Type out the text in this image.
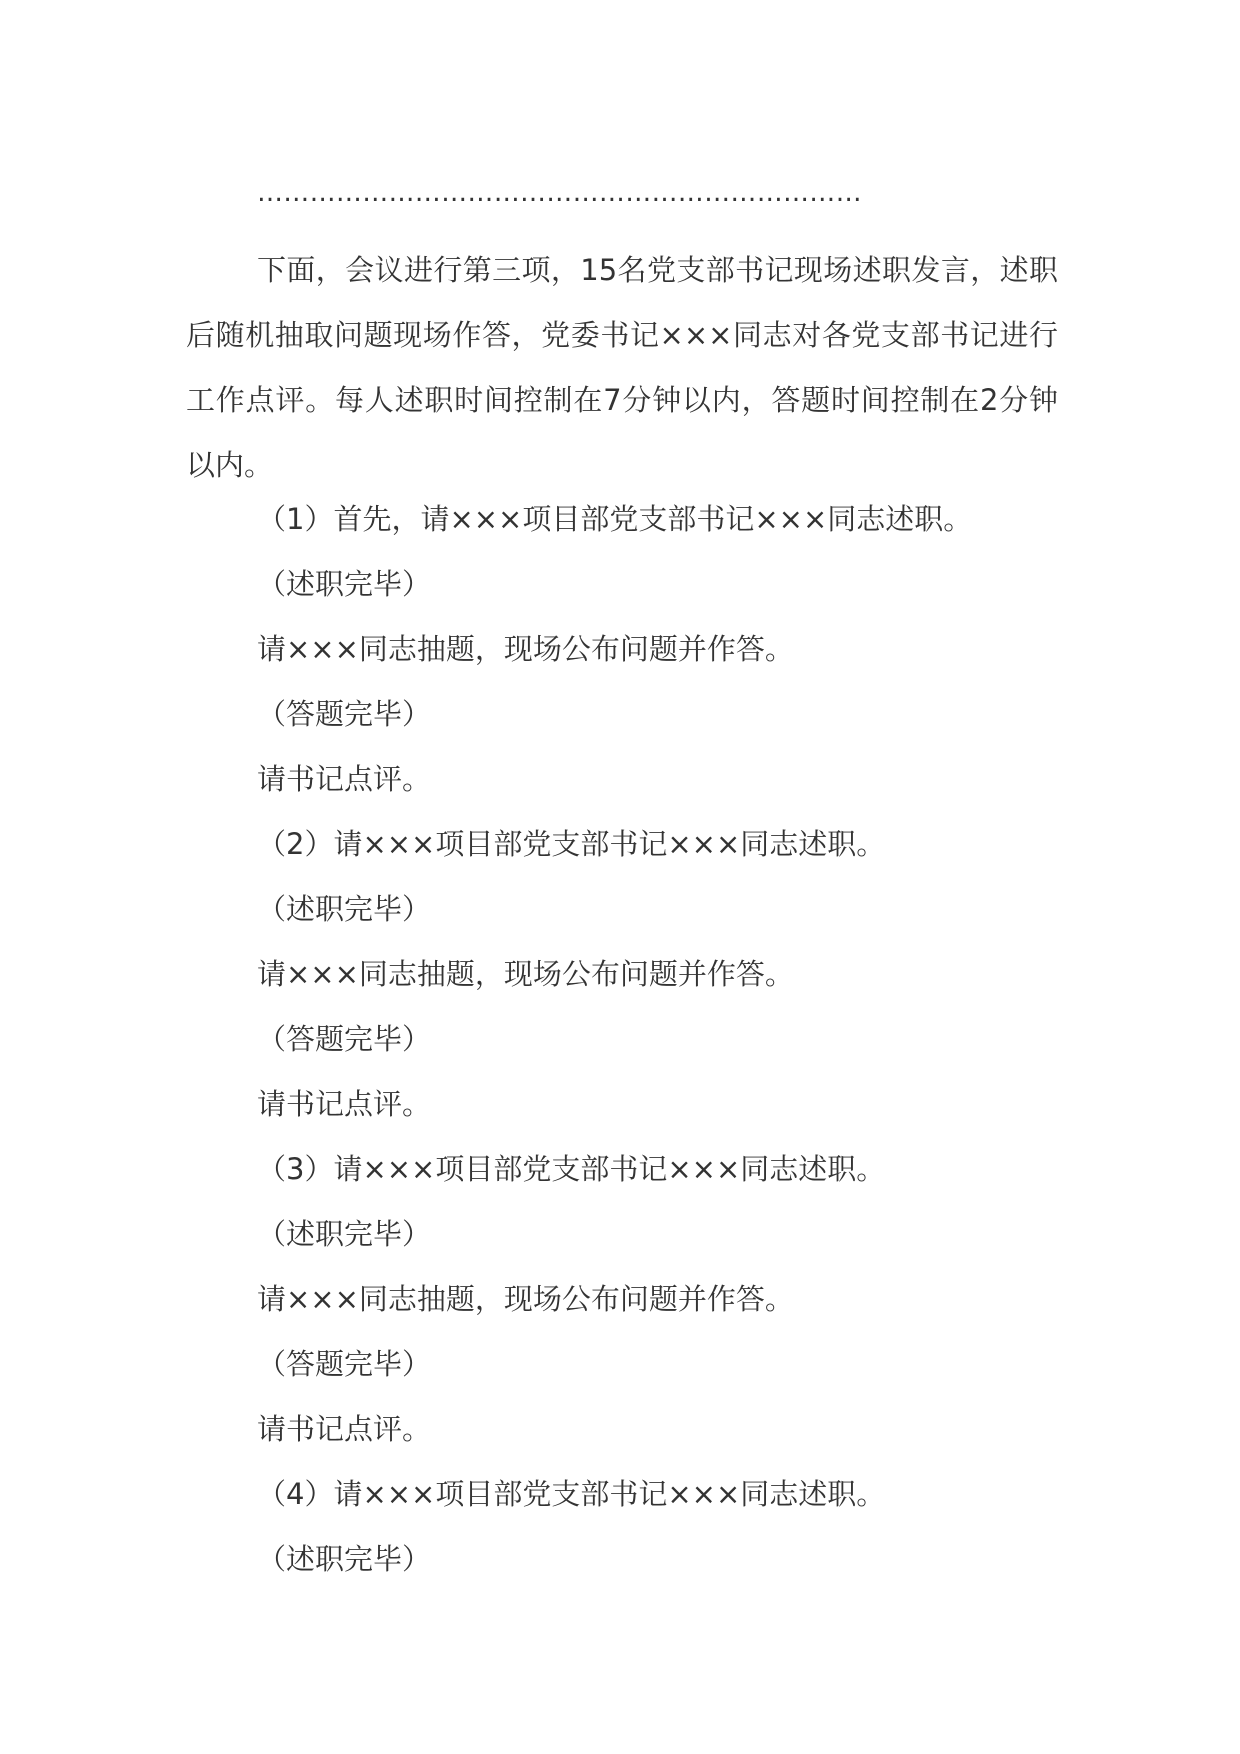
……………………………………………………………

下面，会议进行第三项，15名党支部书记现场述职发言，述职后随机抽取问题现场作答，党委书记×××同志对各党支部书记进行工作点评。每人述职时间控制在7分钟以内，答题时间控制在2分钟以内。

（1）首先，请×××项目部党支部书记×××同志述职。

（述职完毕）

请×××同志抽题，现场公布问题并作答。

（答题完毕）

请书记点评。

（2）请×××项目部党支部书记×××同志述职。

（述职完毕）

请×××同志抽题，现场公布问题并作答。

（答题完毕）

请书记点评。

（3）请×××项目部党支部书记×××同志述职。

（述职完毕）

请×××同志抽题，现场公布问题并作答。

（答题完毕）

请书记点评。

（4）请×××项目部党支部书记×××同志述职。

（述职完毕）
